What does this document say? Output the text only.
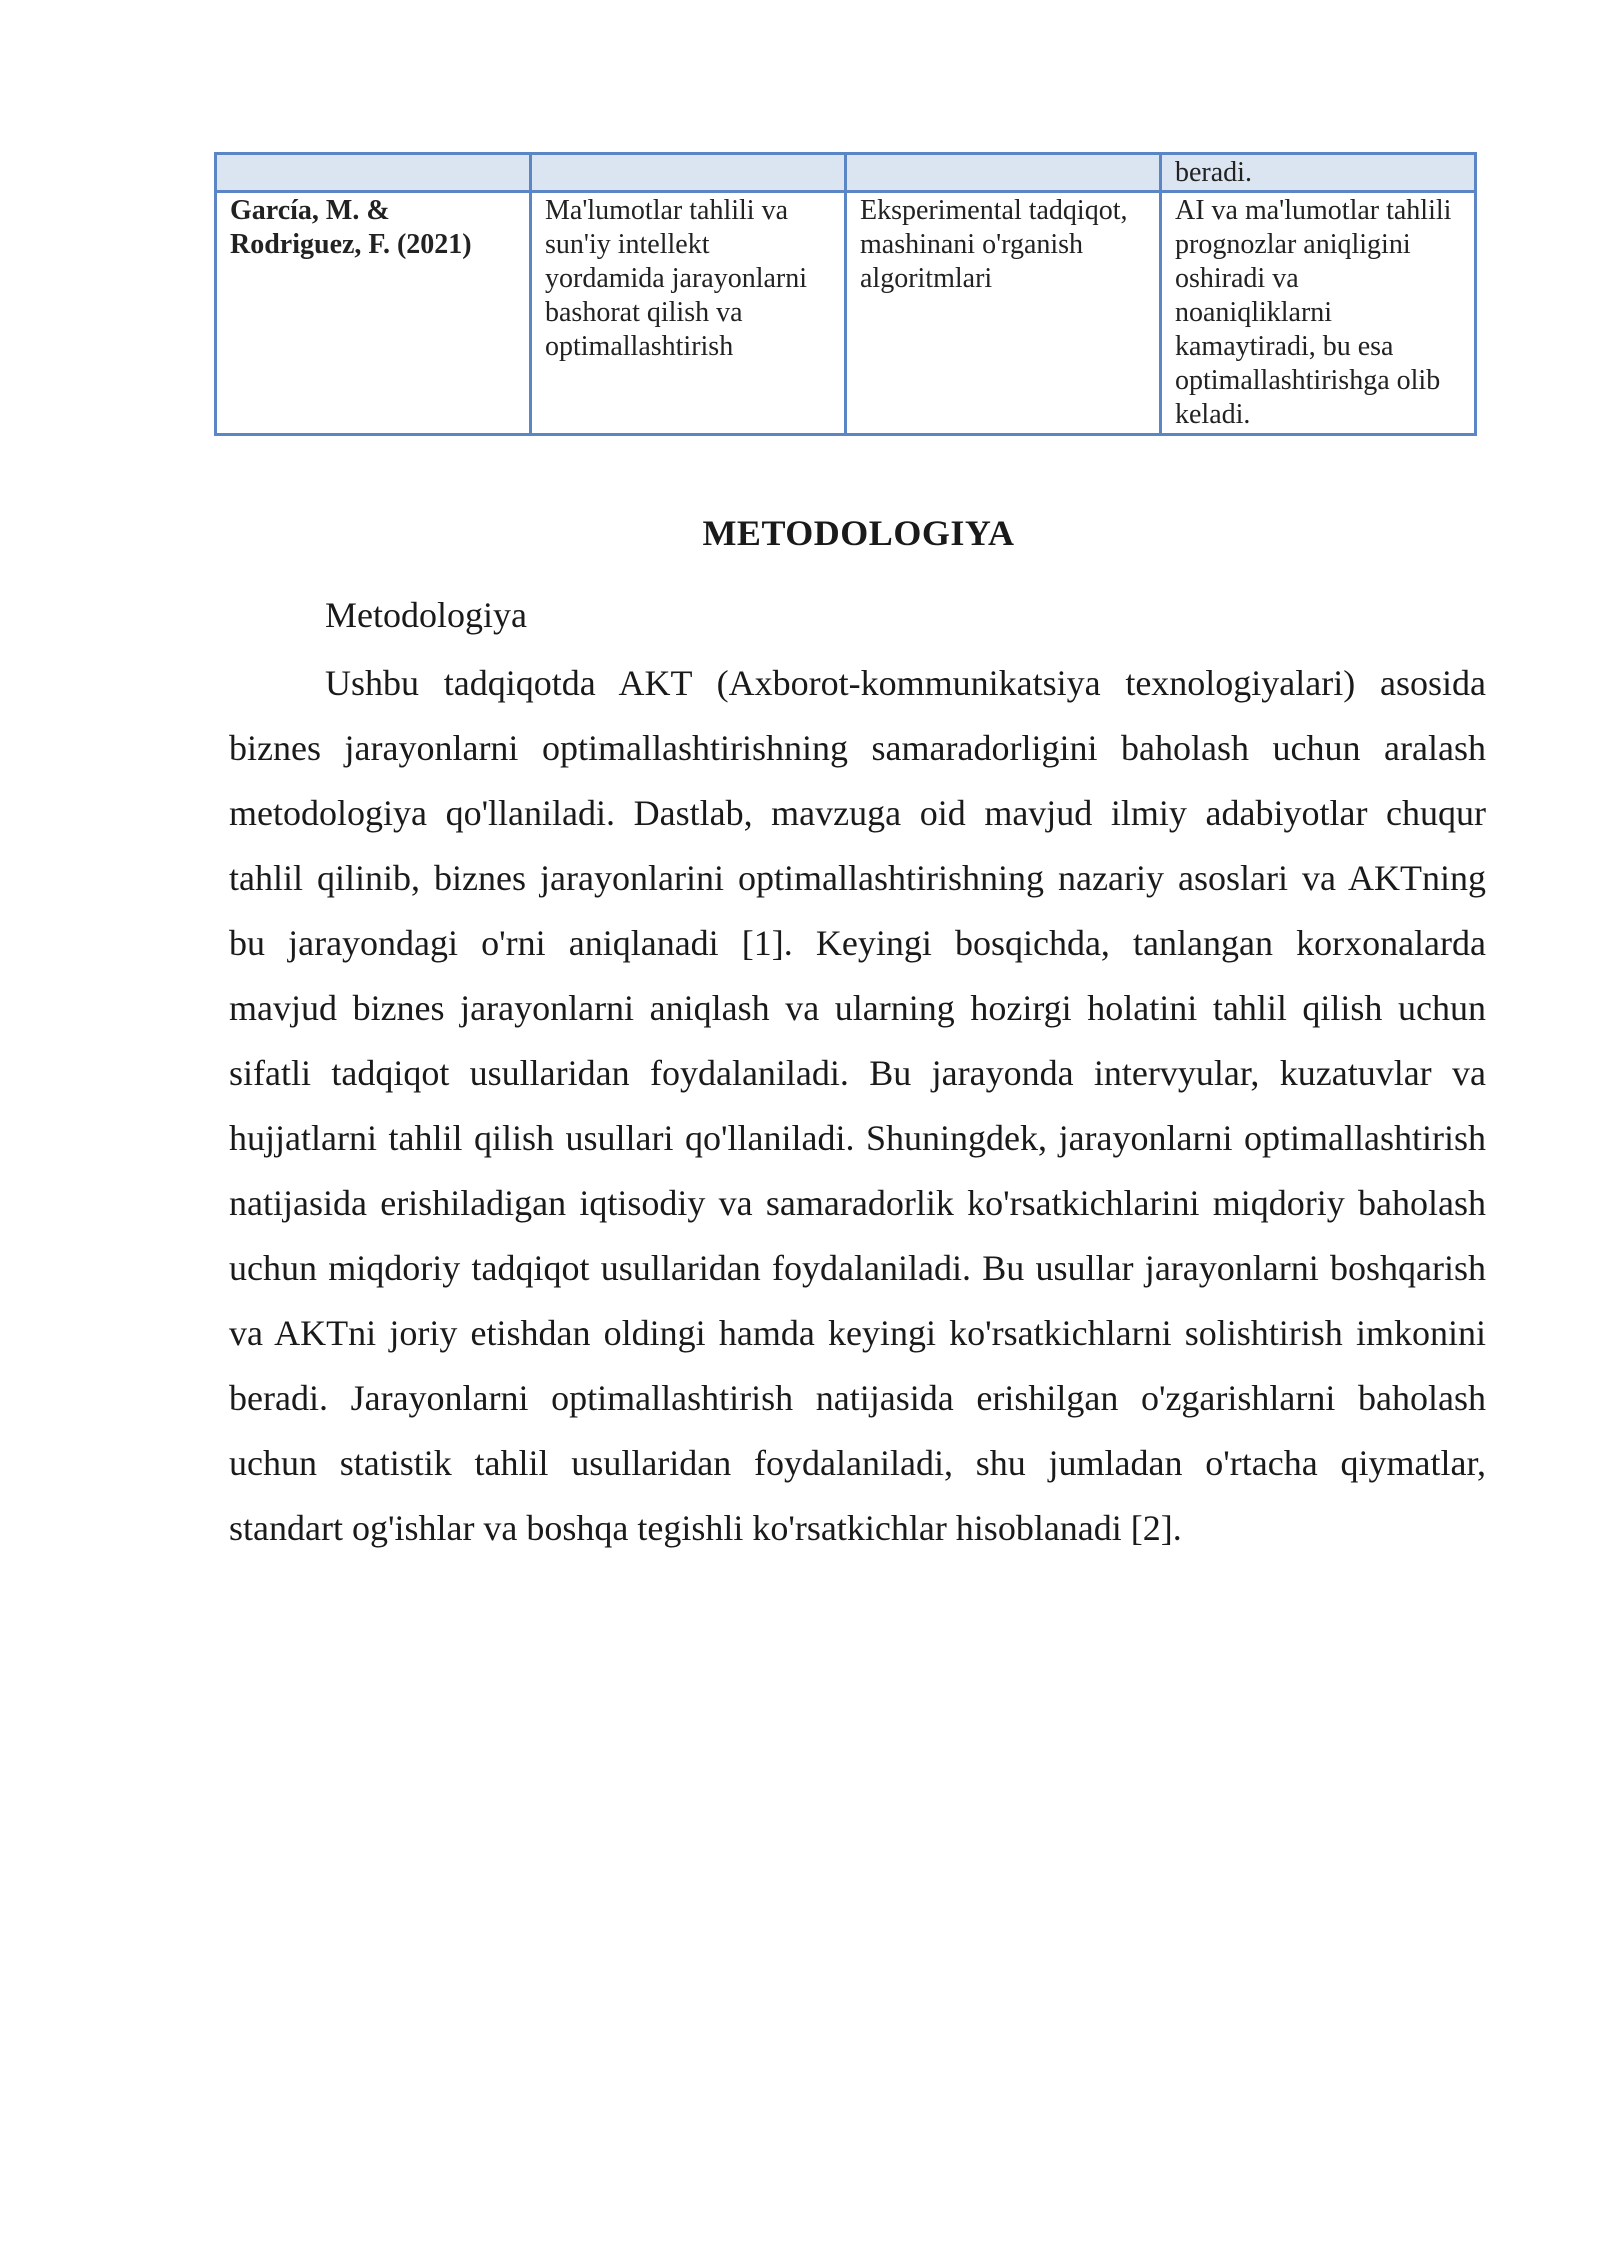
			beradi.
García, M. & Rodriguez, F. (2021)	Ma'lumotlar tahlili va sun'iy intellekt yordamida jarayonlarni bashorat qilish va optimallashtirish	Eksperimental tadqiqot, mashinani o'rganish algoritmlari	AI va ma'lumotlar tahlili prognozlar aniqligini oshiradi va noaniqliklarni kamaytiradi, bu esa optimallashtirishga olib keladi.
METODOLOGIYA

Metodologiya

Ushbu tadqiqotda AKT (Axborot-kommunikatsiya texnologiyalari) asosida biznes jarayonlarni optimallashtirishning samaradorligini baholash uchun aralash metodologiya qo'llaniladi. Dastlab, mavzuga oid mavjud ilmiy adabiyotlar chuqur tahlil qilinib, biznes jarayonlarini optimallashtirishning nazariy asoslari va AKTning bu jarayondagi o'rni aniqlanadi [1]. Keyingi bosqichda, tanlangan korxonalarda mavjud biznes jarayonlarni aniqlash va ularning hozirgi holatini tahlil qilish uchun sifatli tadqiqot usullaridan foydalaniladi. Bu jarayonda intervyular, kuzatuvlar va hujjatlarni tahlil qilish usullari qo'llaniladi. Shuningdek, jarayonlarni optimallashtirish natijasida erishiladigan iqtisodiy va samaradorlik ko'rsatkichlarini miqdoriy baholash uchun miqdoriy tadqiqot usullaridan foydalaniladi. Bu usullar jarayonlarni boshqarish va AKTni joriy etishdan oldingi hamda keyingi ko'rsatkichlarni solishtirish imkonini beradi. Jarayonlarni optimallashtirish natijasida erishilgan o'zgarishlarni baholash uchun statistik tahlil usullaridan foydalaniladi, shu jumladan o'rtacha qiymatlar, standart og'ishlar va boshqa tegishli ko'rsatkichlar hisoblanadi [2].
